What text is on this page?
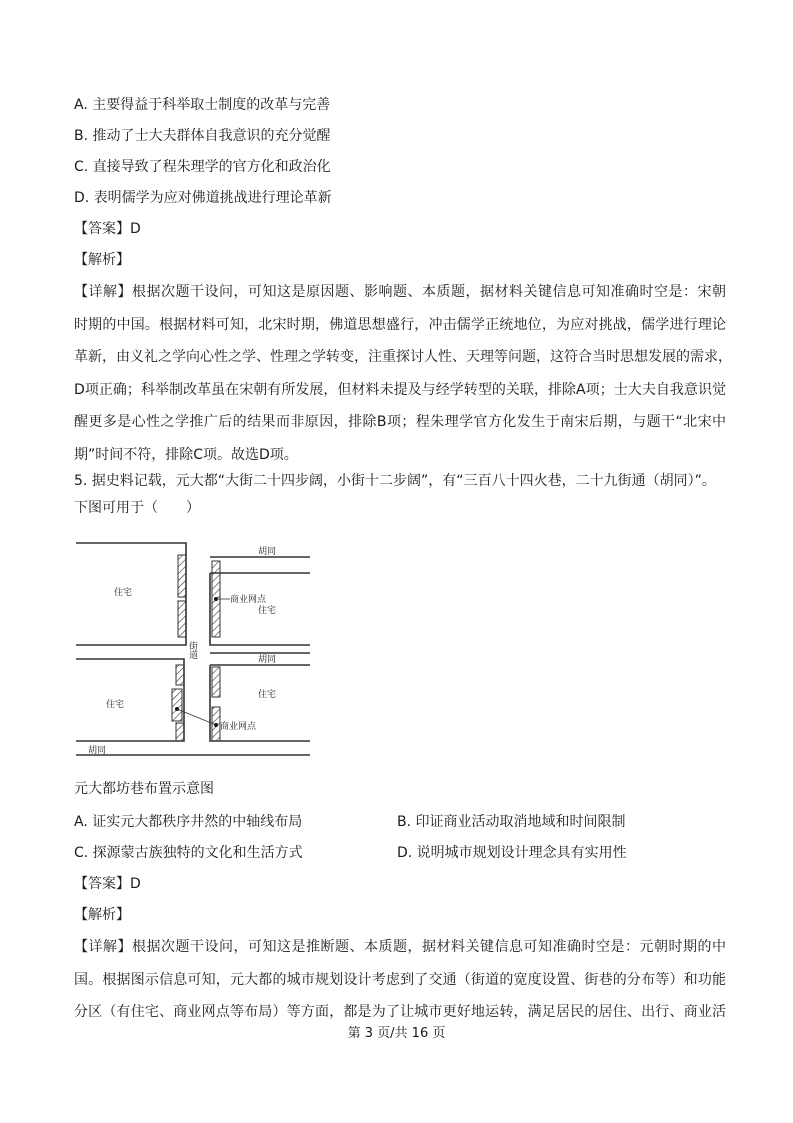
A. 主要得益于科举取士制度的改革与完善
B. 推动了士大夫群体自我意识的充分觉醒
C. 直接导致了程朱理学的官方化和政治化
D. 表明儒学为应对佛道挑战进行理论革新
【答案】D
【解析】
【详解】根据次题干设问，可知这是原因题、影响题、本质题，据材料关键信息可知准确时空是：宋朝
时期的中国。根据材料可知，北宋时期，佛道思想盛行，冲击儒学正统地位，为应对挑战，儒学进行理论
革新，由义礼之学向心性之学、性理之学转变，注重探讨人性、天理等问题，这符合当时思想发展的需求，
D项正确；科举制改革虽在宋朝有所发展，但材料未提及与经学转型的关联，排除A项；士大夫自我意识觉
醒更多是心性之学推广后的结果而非原因，排除B项；程朱理学官方化发生于南宋后期，与题干“北宋中
期”时间不符，排除C项。故选D项。
5. 据史料记载，元大都“大街二十四步阔，小街十二步阔”，有“三百八十四火巷，二十九街通（胡同）”。
下图可用于（　　）
住宅
住宅
住宅
住宅
胡同
胡同
胡同
街道
商业网点
商业网点
元大都坊巷布置示意图
A. 证实元大都秩序井然的中轴线布局	B. 印证商业活动取消地域和时间限制
C. 探源蒙古族独特的文化和生活方式	D. 说明城市规划设计理念具有实用性
【答案】D
【解析】
【详解】根据次题干设问，可知这是推断题、本质题，据材料关键信息可知准确时空是：元朝时期的中
国。根据图示信息可知，元大都的城市规划设计考虑到了交通（街道的宽度设置、街巷的分布等）和功能
分区（有住宅、商业网点等布局）等方面，都是为了让城市更好地运转，满足居民的居住、出行、商业活
第 3 页/共 16 页
